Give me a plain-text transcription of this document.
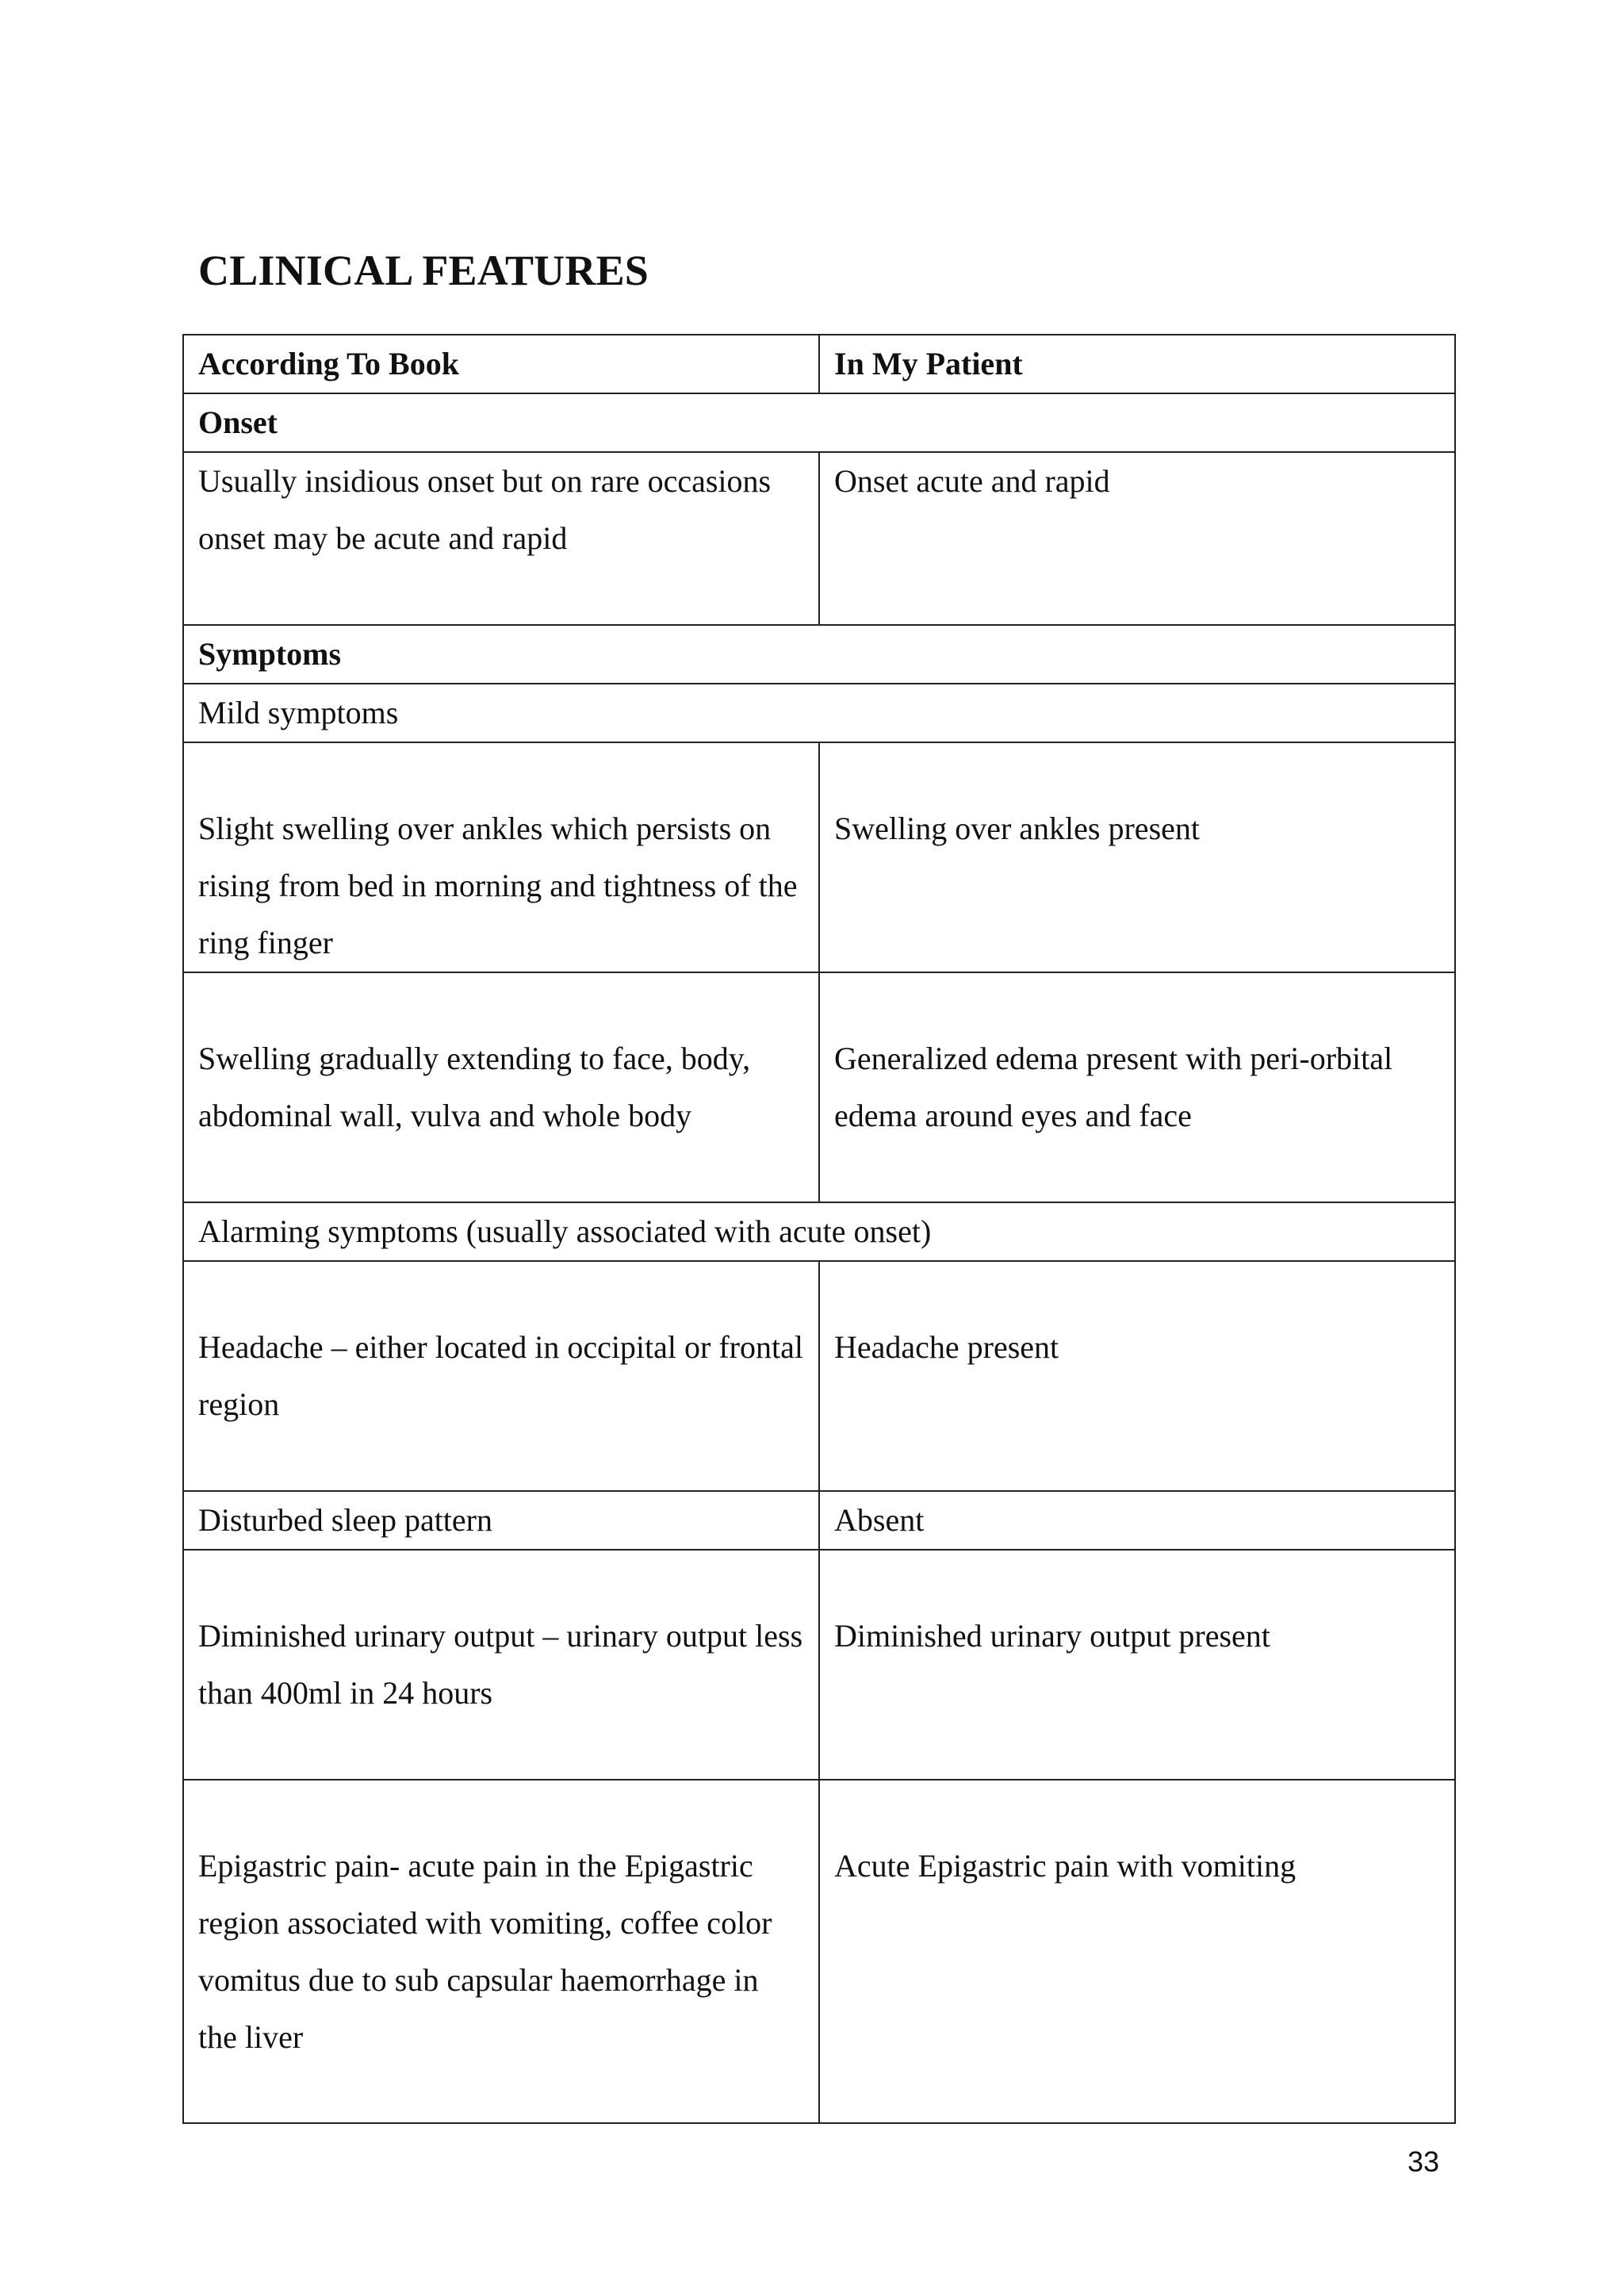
CLINICAL FEATURES
According To Book	In My Patient
Onset	
Usually insidious onset but on rare occasions onset may be acute and rapid	Onset acute and rapid
Symptoms	
Mild symptoms	
Slight swelling over ankles which persists on rising from bed in morning and tightness of the ring finger	Swelling over ankles present
Swelling gradually extending to face, body, abdominal wall, vulva and whole body	Generalized edema present with peri-orbital edema around eyes and face
Alarming symptoms (usually associated with acute onset)	
Headache – either located in occipital or frontal region	Headache present
Disturbed sleep pattern	Absent
Diminished urinary output – urinary output less than 400ml in 24 hours	Diminished urinary output present
Epigastric pain- acute pain in the Epigastric region associated with vomiting, coffee color vomitus due to sub capsular haemorrhage in the liver	Acute Epigastric pain with vomiting
33
